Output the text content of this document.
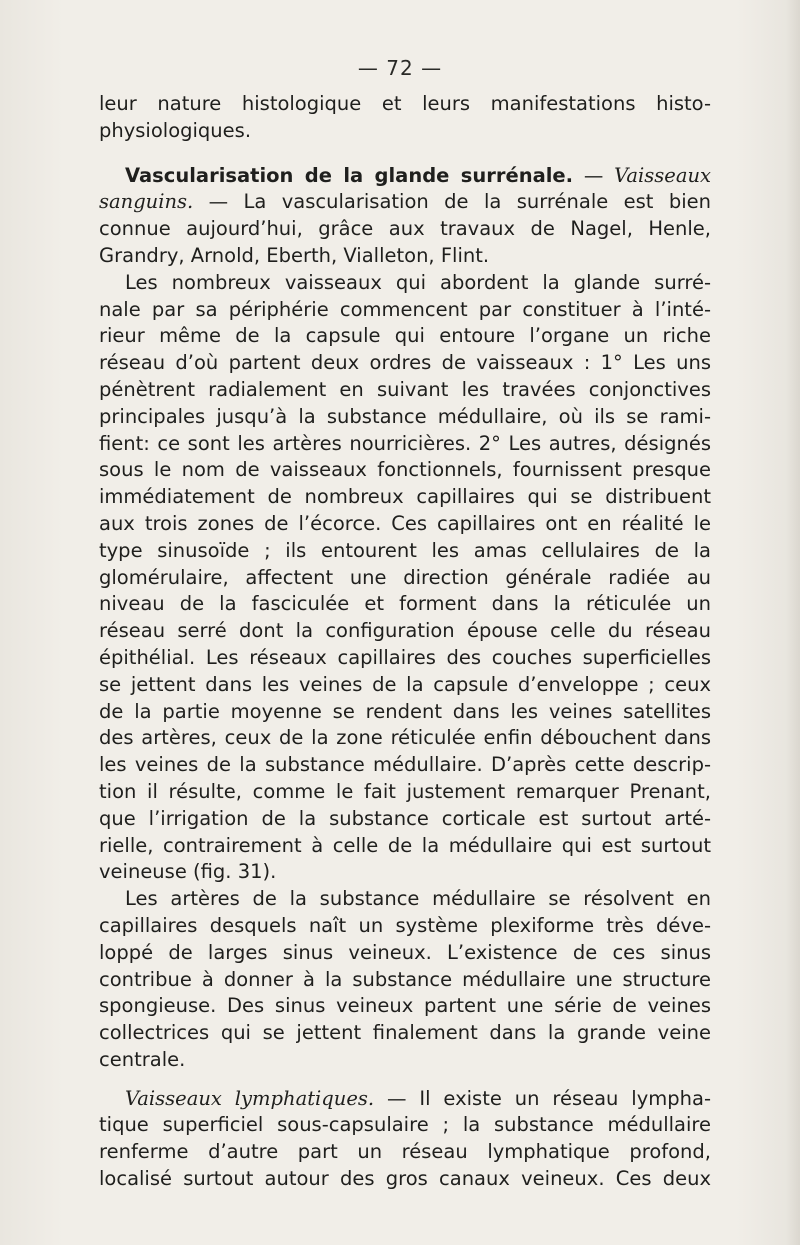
— 72 —
leur nature histologique et leurs manifestations histo-
physiologiques.
Vascularisation de la glande surrénale. — Vaisseaux
sanguins. — La vascularisation de la surrénale est bien
connue aujourd’hui, grâce aux travaux de Nagel, Henle,
Grandry, Arnold, Eberth, Vialleton, Flint.
Les nombreux vaisseaux qui abordent la glande surré-
nale par sa périphérie commencent par constituer à l’inté-
rieur même de la capsule qui entoure l’organe un riche
réseau d’où partent deux ordres de vaisseaux : 1° Les uns
pénètrent radialement en suivant les travées conjonctives
principales jusqu’à la substance médullaire, où ils se rami-
fient: ce sont les artères nourricières. 2° Les autres, désignés
sous le nom de vaisseaux fonctionnels, fournissent presque
immédiatement de nombreux capillaires qui se distribuent
aux trois zones de l’écorce. Ces capillaires ont en réalité le
type sinusoïde ; ils entourent les amas cellulaires de la
glomérulaire, affectent une direction générale radiée au
niveau de la fasciculée et forment dans la réticulée un
réseau serré dont la configuration épouse celle du réseau
épithélial. Les réseaux capillaires des couches superficielles
se jettent dans les veines de la capsule d’enveloppe ; ceux
de la partie moyenne se rendent dans les veines satellites
des artères, ceux de la zone réticulée enfin débouchent dans
les veines de la substance médullaire. D’après cette descrip-
tion il résulte, comme le fait justement remarquer Prenant,
que l’irrigation de la substance corticale est surtout arté-
rielle, contrairement à celle de la médullaire qui est surtout
veineuse (fig. 31).
Les artères de la substance médullaire se résolvent en
capillaires desquels naît un système plexiforme très déve-
loppé de larges sinus veineux. L’existence de ces sinus
contribue à donner à la substance médullaire une structure
spongieuse. Des sinus veineux partent une série de veines
collectrices qui se jettent finalement dans la grande veine
centrale.
Vaisseaux lymphatiques. — Il existe un réseau lympha-
tique superficiel sous-capsulaire ; la substance médullaire
renferme d’autre part un réseau lymphatique profond,
localisé surtout autour des gros canaux veineux. Ces deux
